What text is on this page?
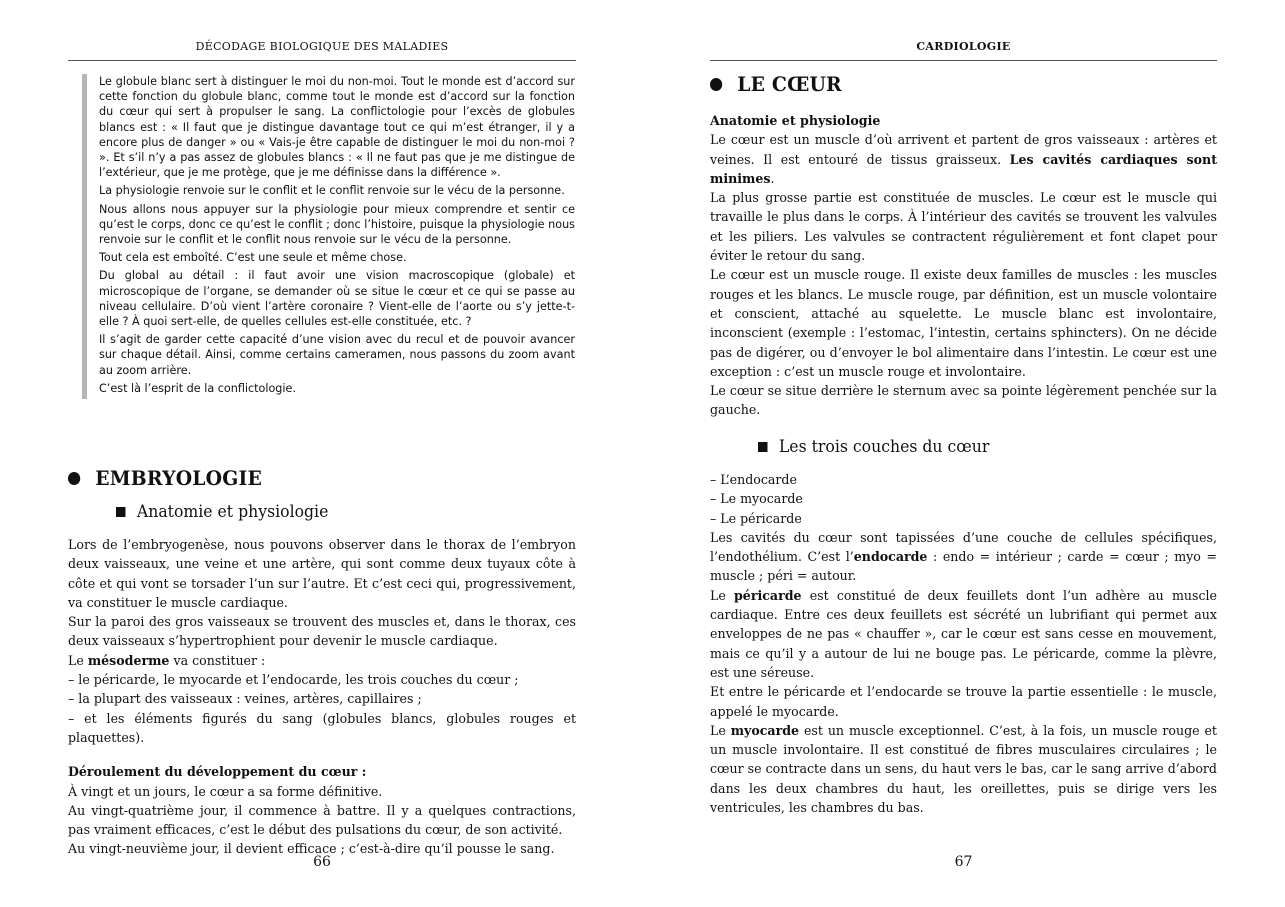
DÉCODAGE BIOLOGIQUE DES MALADIES

Le globule blanc sert à distinguer le moi du non-moi. Tout le monde est d’accord sur cette fonction du globule blanc, comme tout le monde est d’accord sur la fonction du cœur qui sert à propulser le sang. La conflictologie pour l’excès de globules blancs est : « Il faut que je distingue davantage tout ce qui m’est étranger, il y a encore plus de danger » ou « Vais-je être capable de distinguer le moi du non-moi ? ». Et s’il n’y a pas assez de globules blancs : « Il ne faut pas que je me distingue de l’extérieur, que je me protège, que je me définisse dans la différence ».

La physiologie renvoie sur le conflit et le conflit renvoie sur le vécu de la personne.

Nous allons nous appuyer sur la physiologie pour mieux comprendre et sentir ce qu’est le corps, donc ce qu’est le conflit ; donc l’histoire, puisque la physiologie nous renvoie sur le conflit et le conflit nous renvoie sur le vécu de la personne.

Tout cela est emboîté. C’est une seule et même chose.

Du global au détail : il faut avoir une vision macroscopique (globale) et microscopique de l’organe, se demander où se situe le cœur et ce qui se passe au niveau cellulaire. D’où vient l’artère coronaire ? Vient-elle de l’aorte ou s’y jette-t-elle ? À quoi sert-elle, de quelles cellules est-elle constituée, etc. ?

Il s’agit de garder cette capacité d’une vision avec du recul et de pouvoir avancer sur chaque détail. Ainsi, comme certains cameramen, nous passons du zoom avant au zoom arrière.

C’est là l’esprit de la conflictologie.

EMBRYOLOGIE
Anatomie et physiologie

Lors de l’embryogenèse, nous pouvons observer dans le thorax de l’embryon deux vaisseaux, une veine et une artère, qui sont comme deux tuyaux côte à côte et qui vont se torsader l’un sur l’autre. Et c’est ceci qui, progressivement, va constituer le muscle cardiaque.

Sur la paroi des gros vaisseaux se trouvent des muscles et, dans le thorax, ces deux vaisseaux s’hypertrophient pour devenir le muscle cardiaque.

Le mésoderme va constituer :

– le péricarde, le myocarde et l’endocarde, les trois couches du cœur ;

– la plupart des vaisseaux : veines, artères, capillaires ;

– et les éléments figurés du sang (globules blancs, globules rouges et plaquettes).

Déroulement du développement du cœur :

À vingt et un jours, le cœur a sa forme définitive.

Au vingt-quatrième jour, il commence à battre. Il y a quelques contractions, pas vraiment efficaces, c’est le début des pulsations du cœur, de son activité.

Au vingt-neuvième jour, il devient efficace ; c’est-à-dire qu’il pousse le sang.

66
CARDIOLOGIE
LE CŒUR

Anatomie et physiologie

Le cœur est un muscle d’où arrivent et partent de gros vaisseaux : artères et veines. Il est entouré de tissus graisseux. Les cavités cardiaques sont minimes.

La plus grosse partie est constituée de muscles. Le cœur est le muscle qui travaille le plus dans le corps. À l’intérieur des cavités se trouvent les valvules et les piliers. Les valvules se contractent régulièrement et font clapet pour éviter le retour du sang.

Le cœur est un muscle rouge. Il existe deux familles de muscles : les muscles rouges et les blancs. Le muscle rouge, par définition, est un muscle volontaire et conscient, attaché au squelette. Le muscle blanc est involontaire, inconscient (exemple : l’estomac, l’intestin, certains sphincters). On ne décide pas de digérer, ou d’envoyer le bol alimentaire dans l’intestin. Le cœur est une exception : c’est un muscle rouge et involontaire.

Le cœur se situe derrière le sternum avec sa pointe légèrement penchée sur la gauche.

Les trois couches du cœur

– L’endocarde

– Le myocarde

– Le péricarde

Les cavités du cœur sont tapissées d’une couche de cellules spécifiques, l’endothélium. C’est l’endocarde : endo = intérieur ; carde = cœur ; myo = muscle ; péri = autour.

Le péricarde est constitué de deux feuillets dont l’un adhère au muscle cardiaque. Entre ces deux feuillets est sécrété un lubrifiant qui permet aux enveloppes de ne pas « chauffer », car le cœur est sans cesse en mouvement, mais ce qu’il y a autour de lui ne bouge pas. Le péricarde, comme la plèvre, est une séreuse.

Et entre le péricarde et l’endocarde se trouve la partie essentielle : le muscle, appelé le myocarde.

Le myocarde est un muscle exceptionnel. C’est, à la fois, un muscle rouge et un muscle involontaire. Il est constitué de fibres musculaires circulaires ; le cœur se contracte dans un sens, du haut vers le bas, car le sang arrive d’abord dans les deux chambres du haut, les oreillettes, puis se dirige vers les ventricules, les chambres du bas.

67
